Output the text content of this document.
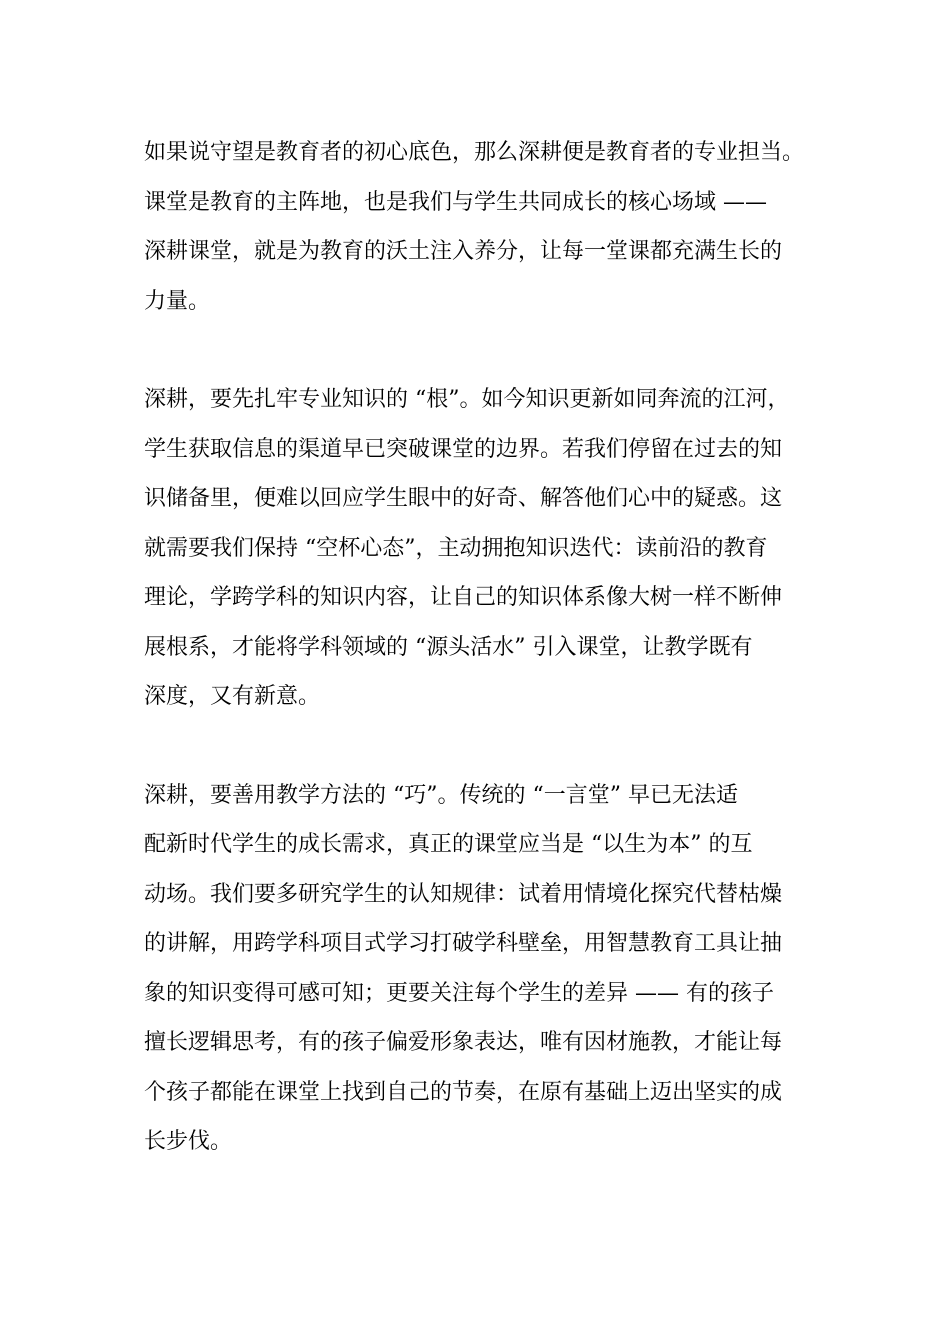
如果说守望是教育者的初心底色，那么深耕便是教育者的专业担当。
课堂是教育的主阵地，也是我们与学生共同成长的核心场域 ——
深耕课堂，就是为教育的沃土注入养分，让每一堂课都充满生长的
力量。

深耕，要先扎牢专业知识的 “根”。如今知识更新如同奔流的江河，
学生获取信息的渠道早已突破课堂的边界。若我们停留在过去的知
识储备里，便难以回应学生眼中的好奇、解答他们心中的疑惑。这
就需要我们保持 “空杯心态”，主动拥抱知识迭代：读前沿的教育
理论，学跨学科的知识内容，让自己的知识体系像大树一样不断伸
展根系，才能将学科领域的 “源头活水” 引入课堂，让教学既有
深度，又有新意。

深耕，要善用教学方法的 “巧”。传统的 “一言堂” 早已无法适
配新时代学生的成长需求，真正的课堂应当是 “以生为本” 的互
动场。我们要多研究学生的认知规律：试着用情境化探究代替枯燥
的讲解，用跨学科项目式学习打破学科壁垒，用智慧教育工具让抽
象的知识变得可感可知；更要关注每个学生的差异 —— 有的孩子
擅长逻辑思考，有的孩子偏爱形象表达，唯有因材施教，才能让每
个孩子都能在课堂上找到自己的节奏，在原有基础上迈出坚实的成
长步伐。
